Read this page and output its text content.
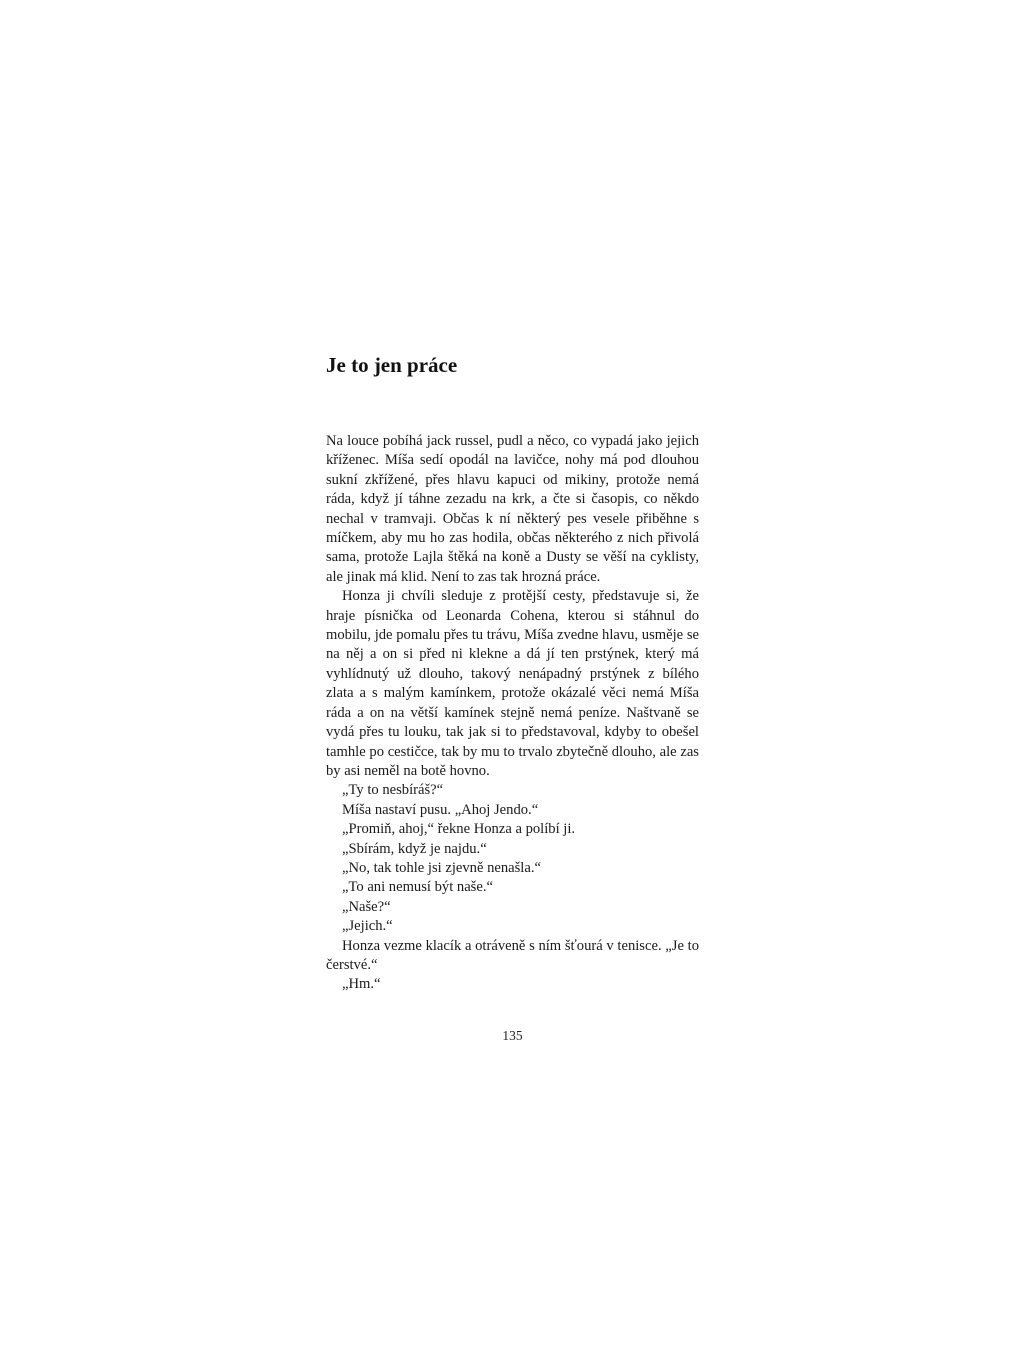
Je to jen práce

Na louce pobíhá jack russel, pudl a něco, co vypadá jako jejich kříženec. Míša sedí opodál na lavičce, nohy má pod dlouhou sukní zkřížené, přes hlavu kapuci od mikiny, protože nemá ráda, když jí táhne zezadu na krk, a čte si časopis, co někdo nechal v tramvaji. Občas k ní některý pes vesele přiběhne s míčkem, aby mu ho zas hodila, občas některého z nich přivolá sama, protože Lajla štěká na koně a Dusty se věší na cyklisty, ale jinak má klid. Není to zas tak hrozná práce.

Honza ji chvíli sleduje z protější cesty, představuje si, že hraje písnička od Leonarda Cohena, kterou si stáhnul do mobilu, jde pomalu přes tu trávu, Míša zvedne hlavu, usměje se na něj a on si před ni klekne a dá jí ten prstýnek, který má vyhlídnutý už dlouho, takový nenápadný prstýnek z bílého zlata a s malým kamínkem, protože okázalé věci nemá Míša ráda a on na větší kamínek stejně nemá peníze. Naštvaně se vydá přes tu louku, tak jak si to představoval, kdyby to obešel tamhle po cestičce, tak by mu to trvalo zbytečně dlouho, ale zas by asi neměl na botě hovno.

„Ty to nesbíráš?“

Míša nastaví pusu. „Ahoj Jendo.“

„Promiň, ahoj,“ řekne Honza a políbí ji.

„Sbírám, když je najdu.“

„No, tak tohle jsi zjevně nenašla.“

„To ani nemusí být naše.“

„Naše?“

„Jejich.“

Honza vezme klacík a otráveně s ním šťourá v tenisce. „Je to čerstvé.“

„Hm.“

135
